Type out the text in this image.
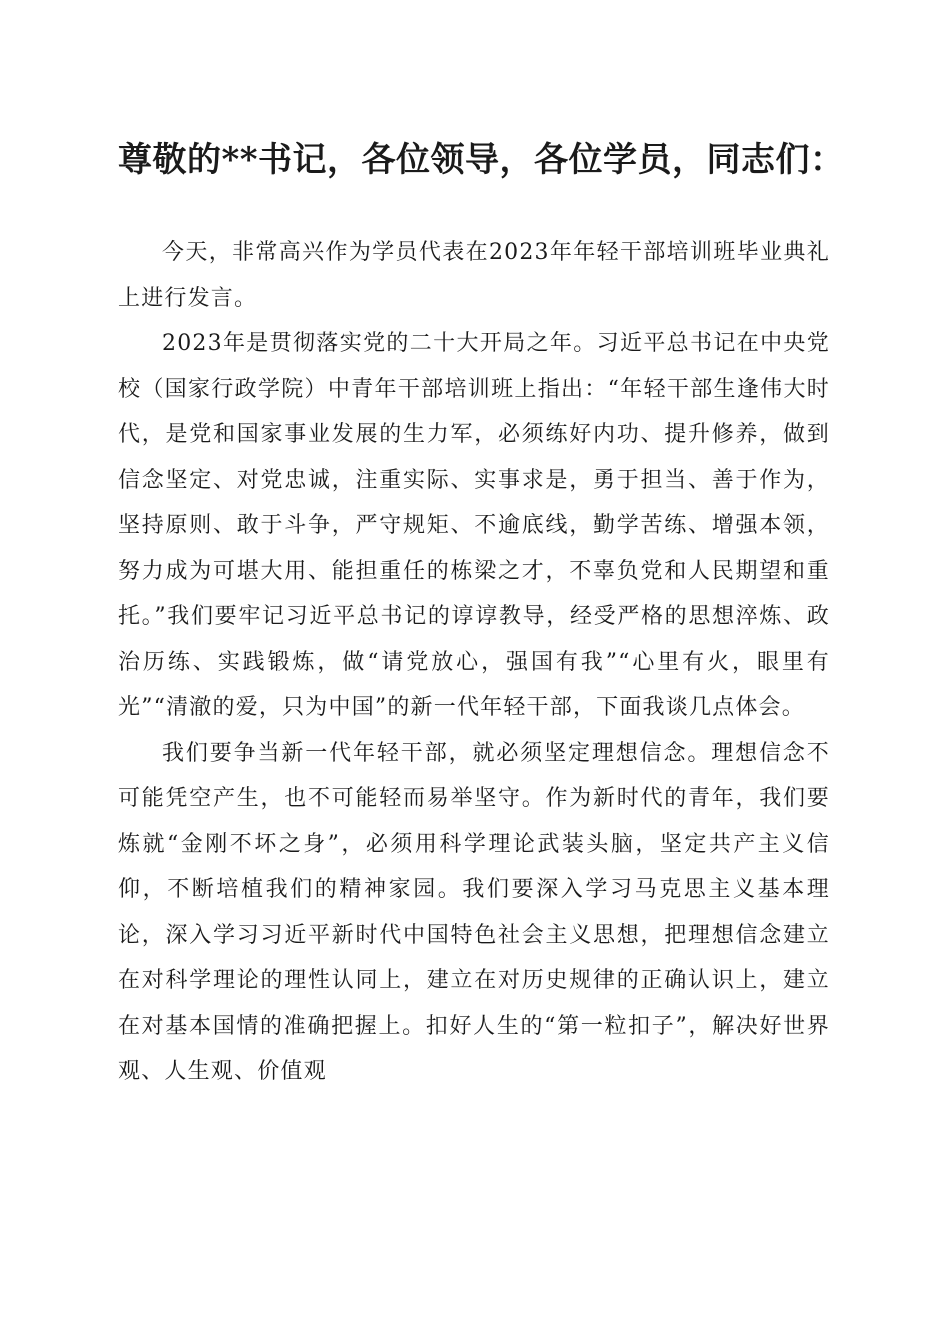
尊敬的**书记，各位领导，各位学员，同志们：

今天，非常高兴作为学员代表在2023年年轻干部培训班毕业典礼上进行发言。

2023年是贯彻落实党的二十大开局之年。习近平总书记在中央党校（国家行政学院）中青年干部培训班上指出：“年轻干部生逢伟大时代，是党和国家事业发展的生力军，必须练好内功、提升修养，做到信念坚定、对党忠诚，注重实际、实事求是，勇于担当、善于作为，坚持原则、敢于斗争，严守规矩、不逾底线，勤学苦练、增强本领，努力成为可堪大用、能担重任的栋梁之才，不辜负党和人民期望和重托。”我们要牢记习近平总书记的谆谆教导，经受严格的思想淬炼、政治历练、实践锻炼，做“请党放心，强国有我”“心里有火，眼里有光”“清澈的爱，只为中国”的新一代年轻干部，下面我谈几点体会。

我们要争当新一代年轻干部，就必须坚定理想信念。理想信念不可能凭空产生，也不可能轻而易举坚守。作为新时代的青年，我们要炼就“金刚不坏之身”，必须用科学理论武装头脑，坚定共产主义信仰，不断培植我们的精神家园。我们要深入学习马克思主义基本理论，深入学习习近平新时代中国特色社会主义思想，把理想信念建立在对科学理论的理性认同上，建立在对历史规律的正确认识上，建立在对基本国情的准确把握上。扣好人生的“第一粒扣子”，解决好世界观、人生观、价值观
